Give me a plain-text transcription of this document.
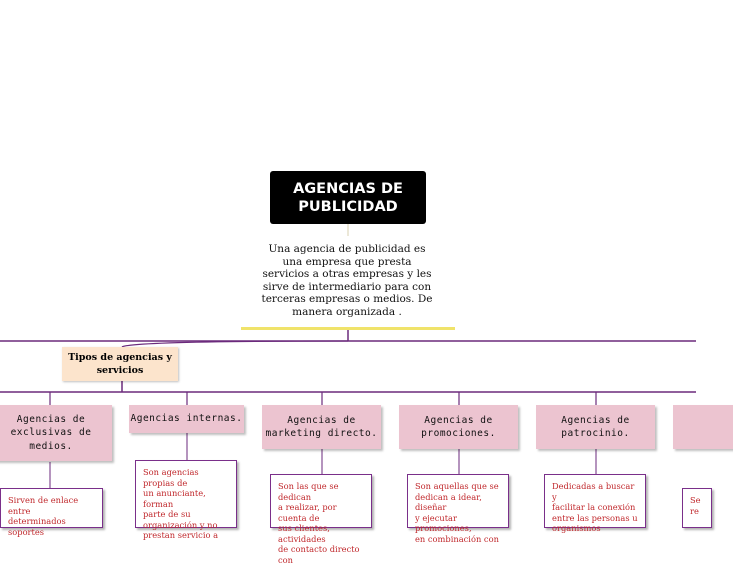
AGENCIAS DE
PUBLICIDAD
Una agencia de publicidad es una empresa que presta servicios a otras empresas y les sirve de intermediario para con terceras empresas o medios. De manera organizada .
Tipos de agencias y servicios
Agencias de
exclusivas de
medios.
Agencias internas.	Agencias de
marketing directo.
Agencias de
promociones.
Agencias de
patrocinio.
Sirven de enlace entre
determinados soportes
Son agencias propias de
un anunciante, forman
parte de su
organización y no
prestan servicio a
Son las que se dedican
a realizar, por cuenta de
sus clientes, actividades
de contacto directo con
Son aquellas que se
dedican a idear, diseñar
y ejecutar promociones,
en combinación con
Dedicadas a buscar y
facilitar la conexión
entre las personas u
organismos
Se
re
